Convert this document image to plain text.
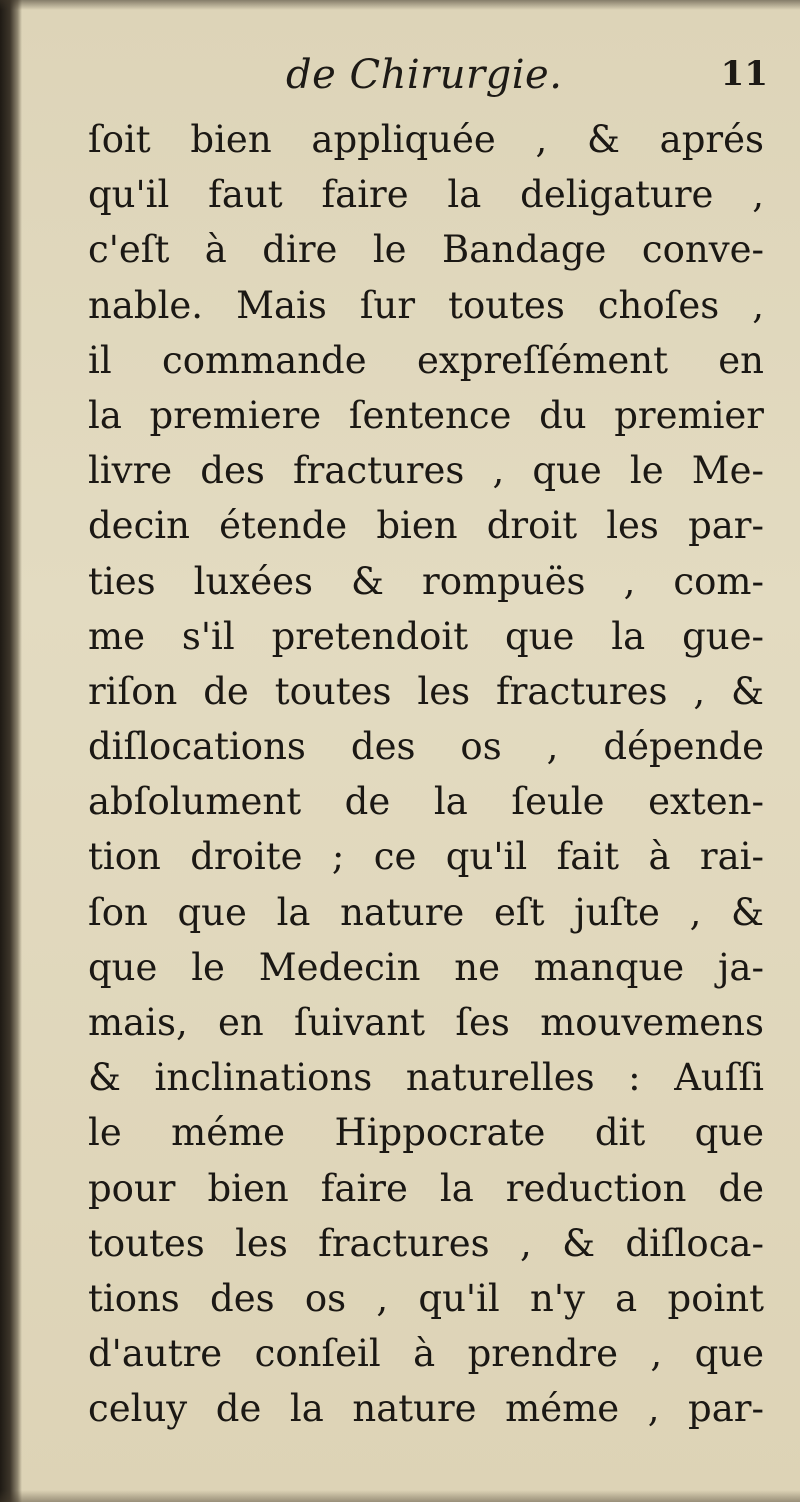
de Chirurgie.	11
ſoit bien appliquée , & aprés
qu'il faut faire la deligature ,
c'eſt à dire le Bandage conve-
nable. Mais ſur toutes choſes ,
il commande expreſſément en
la premiere ſentence du premier
livre des fractures , que le Me-
decin étende bien droit les par-
ties luxées & rompuës , com-
me s'il pretendoit que la gue-
riſon de toutes les fractures , &
diſlocations des os , dépende
abſolument de la ſeule exten-
tion droite ; ce qu'il fait à rai-
ſon que la nature eſt juſte , &
que le Medecin ne manque ja-
mais, en ſuivant ſes mouvemens
& inclinations naturelles : Auſſi
le méme Hippocrate dit que
pour bien faire la reduction de
toutes les fractures , & diſloca-
tions des os , qu'il n'y a point
d'autre conſeil à prendre , que
celuy de la nature méme , par-
